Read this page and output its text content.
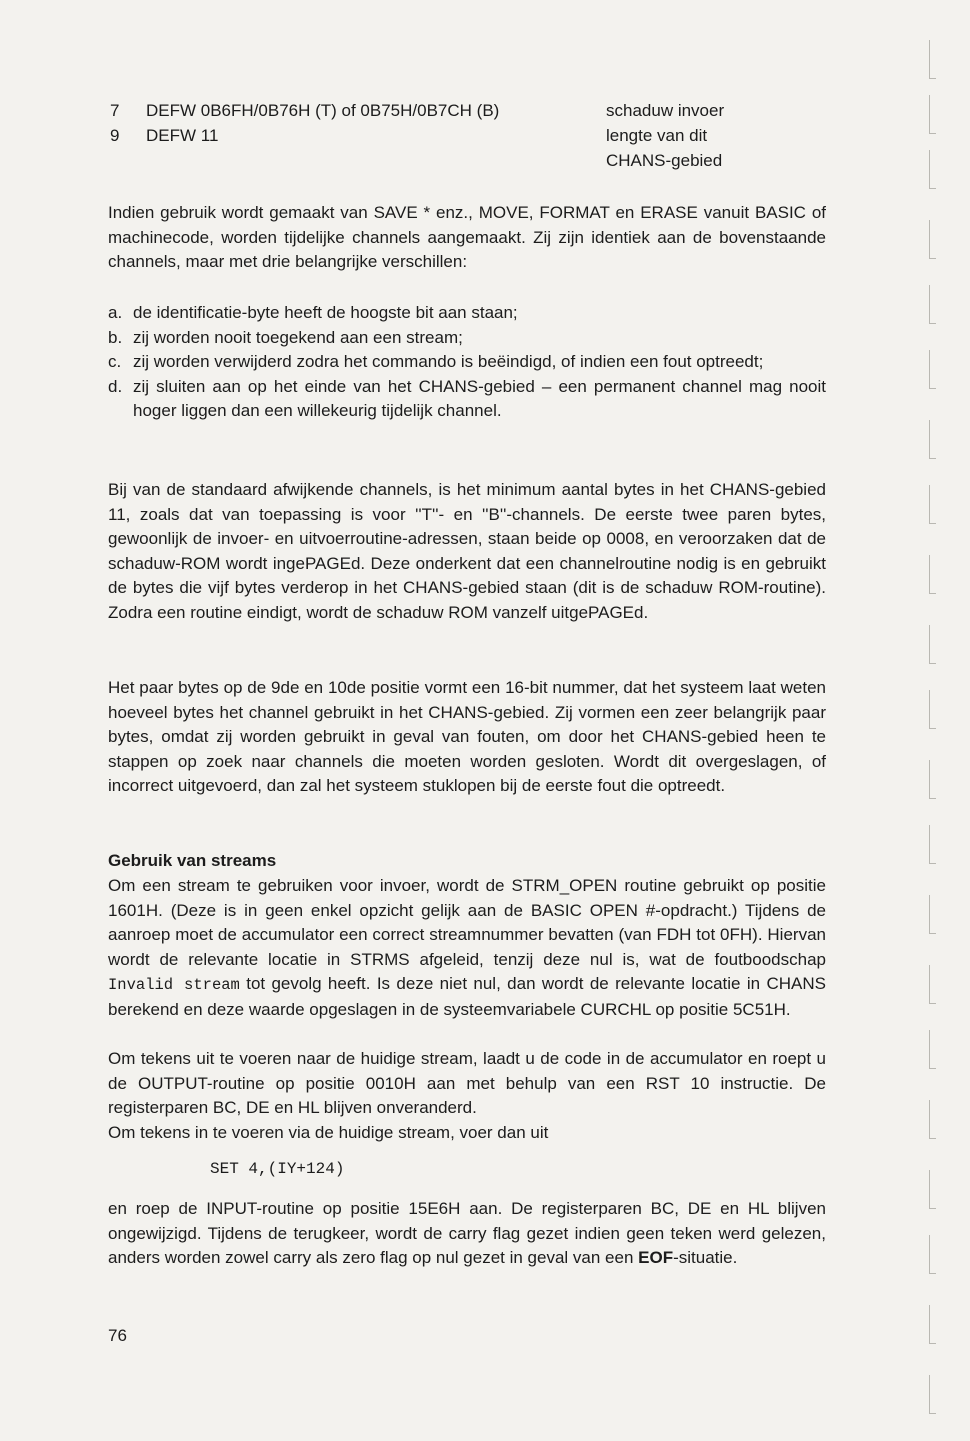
7 DEFW 0B6FH/0B76H (T) of 0B75H/0B7CH (B)	schaduw invoer
9 DEFW 11	lengte van dit
CHANS-gebied

Indien gebruik wordt gemaakt van SAVE * enz., MOVE, FORMAT en ERASE vanuit BASIC of machinecode, worden tijdelijke channels aangemaakt. Zij zijn identiek aan de bovenstaande channels, maar met drie belangrijke verschillen:

a. de identificatie-byte heeft de hoogste bit aan staan;
b. zij worden nooit toegekend aan een stream;
c. zij worden verwijderd zodra het commando is beëindigd, of indien een fout optreedt;
d. zij sluiten aan op het einde van het CHANS-gebied – een permanent channel mag nooit hoger liggen dan een willekeurig tijdelijk channel.

Bij van de standaard afwijkende channels, is het minimum aantal bytes in het CHANS-gebied 11, zoals dat van toepassing is voor ''T''- en ''B''-channels. De eerste twee paren bytes, gewoonlijk de invoer- en uitvoerroutine-adressen, staan beide op 0008, en veroorzaken dat de schaduw-ROM wordt ingePAGEd. Deze onderkent dat een channelroutine nodig is en gebruikt de bytes die vijf bytes verderop in het CHANS-gebied staan (dit is de schaduw ROM-routine). Zodra een routine eindigt, wordt de schaduw ROM vanzelf uitgePAGEd.

Het paar bytes op de 9de en 10de positie vormt een 16-bit nummer, dat het systeem laat weten hoeveel bytes het channel gebruikt in het CHANS-gebied. Zij vormen een zeer belangrijk paar bytes, omdat zij worden gebruikt in geval van fouten, om door het CHANS-gebied heen te stappen op zoek naar channels die moeten worden gesloten. Wordt dit overgeslagen, of incorrect uitgevoerd, dan zal het systeem stuklopen bij de eerste fout die optreedt.

Gebruik van streams

Om een stream te gebruiken voor invoer, wordt de STRM_OPEN routine gebruikt op positie 1601H. (Deze is in geen enkel opzicht gelijk aan de BASIC OPEN #-opdracht.) Tijdens de aanroep moet de accumulator een correct streamnummer bevatten (van FDH tot 0FH). Hiervan wordt de relevante locatie in STRMS afgeleid, tenzij deze nul is, wat de foutboodschap Invalid stream tot gevolg heeft. Is deze niet nul, dan wordt de relevante locatie in CHANS berekend en deze waarde opgeslagen in de systeemvariabele CURCHL op positie 5C51H.

Om tekens uit te voeren naar de huidige stream, laadt u de code in de accumulator en roept u de OUTPUT-routine op positie 0010H aan met behulp van een RST 10 instructie. De registerparen BC, DE en HL blijven onveranderd.

Om tekens in te voeren via de huidige stream, voer dan uit

SET 4,(IY+124)

en roep de INPUT-routine op positie 15E6H aan. De registerparen BC, DE en HL blijven ongewijzigd. Tijdens de terugkeer, wordt de carry flag gezet indien geen teken werd gelezen, anders worden zowel carry als zero flag op nul gezet in geval van een EOF-situatie.

76
